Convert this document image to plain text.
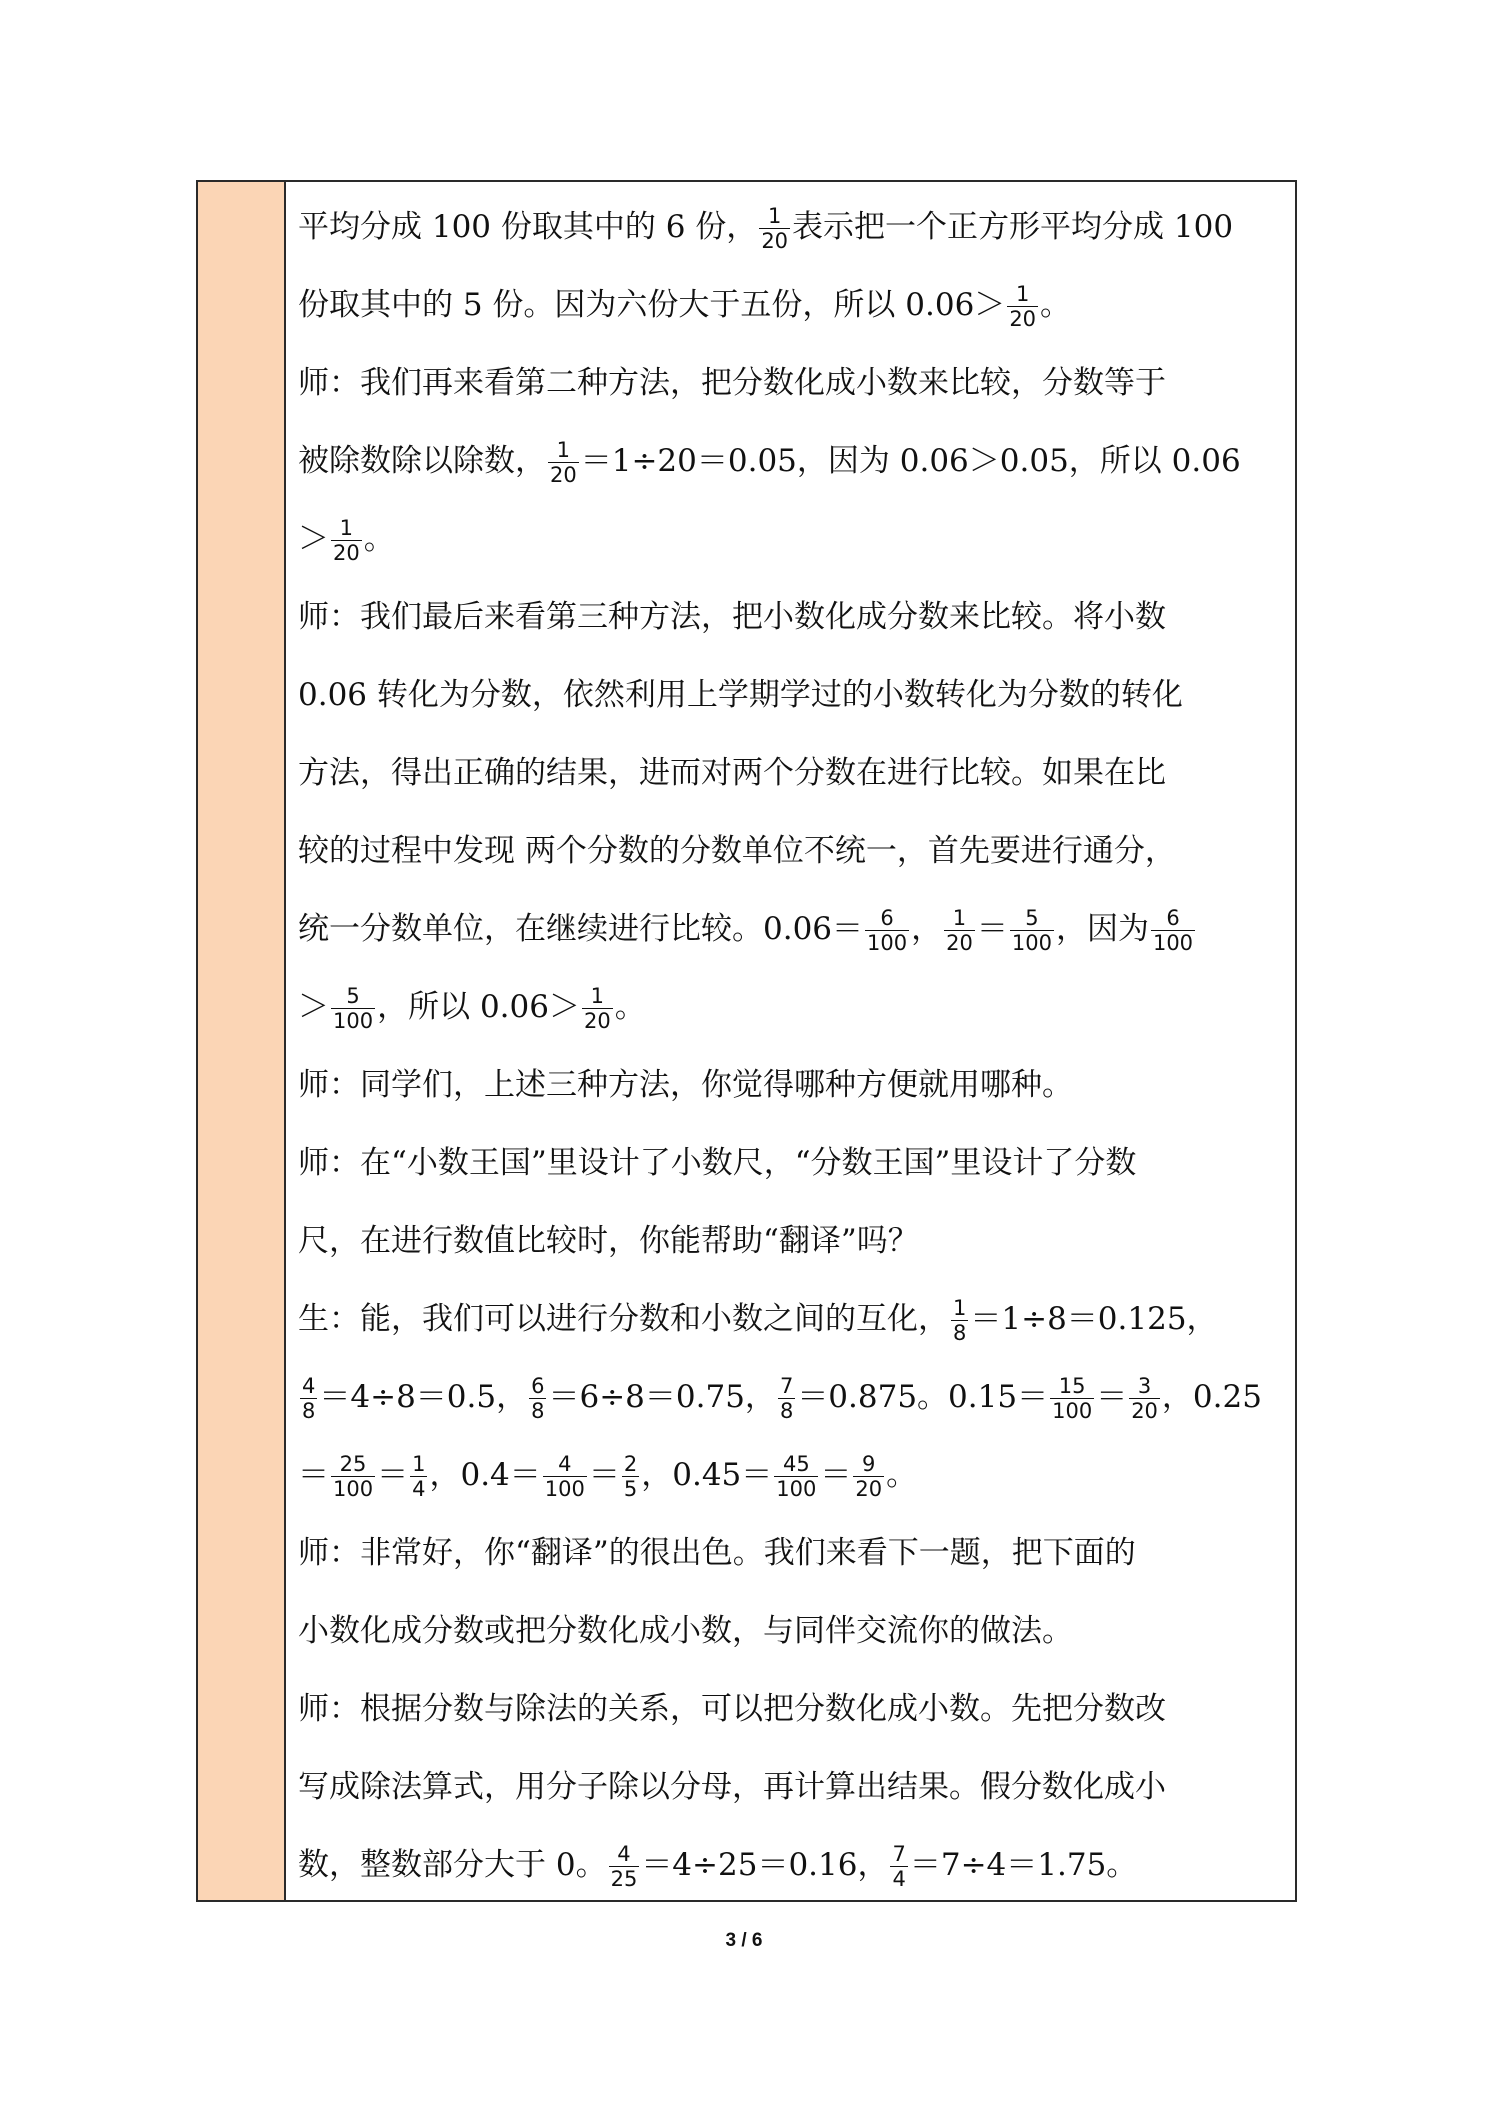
平均分成 100 份取其中的 6 份， $\frac{1}{20}$ 表示把一个正方形平均分成 100
份取其中的 5 份。因为六份大于五份，所以 $0.06> \frac{1}{20}$ 。
师：我们再来看第二种方法，把分数化成小数来比较，分数等于
被除数除以除数， $\frac{1}{20} =1\div 20=0.05$，因为 0.06＞0.05，所以 0.06
＞ $\frac{1}{20}$ 。
师：我们最后来看第三种方法，把小数化成分数来比较。将小数
0.06 转化为分数，依然利用上学期学过的小数转化为分数的转化
方法，得出正确的结果，进而对两个分数在进行比较。如果在比
较的过程中发现 两个分数的分数单位不统一，首先要进行通分，
统一分数单位，在继续进行比较。$0.06= \frac{6}{100}$ ， $\frac{1}{20} = \frac{5}{100}$ ，因为 $\frac{6}{100}$
＞ $\frac{5}{100}$ ，所以 $0.06> \frac{1}{20}$ 。
师：同学们，上述三种方法，你觉得哪种方便就用哪种。
师：在“小数王国”里设计了小数尺，“分数王国”里设计了分数
尺，在进行数值比较时，你能帮助“翻译”吗？
生：能，我们可以进行分数和小数之间的互化， $\frac{1}{8} =1\div 8=0.125$，
$\frac{4}{8} =4\div 8=0.5$， $\frac{6}{8} =6\div 8=0.75$， $\frac{7}{8} =0.875$。$0.15= \frac{15}{100} = \frac{3}{20}$ ，0.25
＝ $\frac{25}{100} = \frac{1}{4}$ ，$0.4= \frac{4}{100} = \frac{2}{5}$ ，$0.45= \frac{45}{100} = \frac{9}{20}$ 。
师：非常好，你“翻译”的很出色。我们来看下一题，把下面的
小数化成分数或把分数化成小数，与同伴交流你的做法。
师：根据分数与除法的关系，可以把分数化成小数。先把分数改
写成除法算式，用分子除以分母，再计算出结果。假分数化成小
数，整数部分大于 0。 $\frac{4}{25} =4\div 25=0.16$， $\frac{7}{4} =7\div 4=1.75$。
3 / 6
